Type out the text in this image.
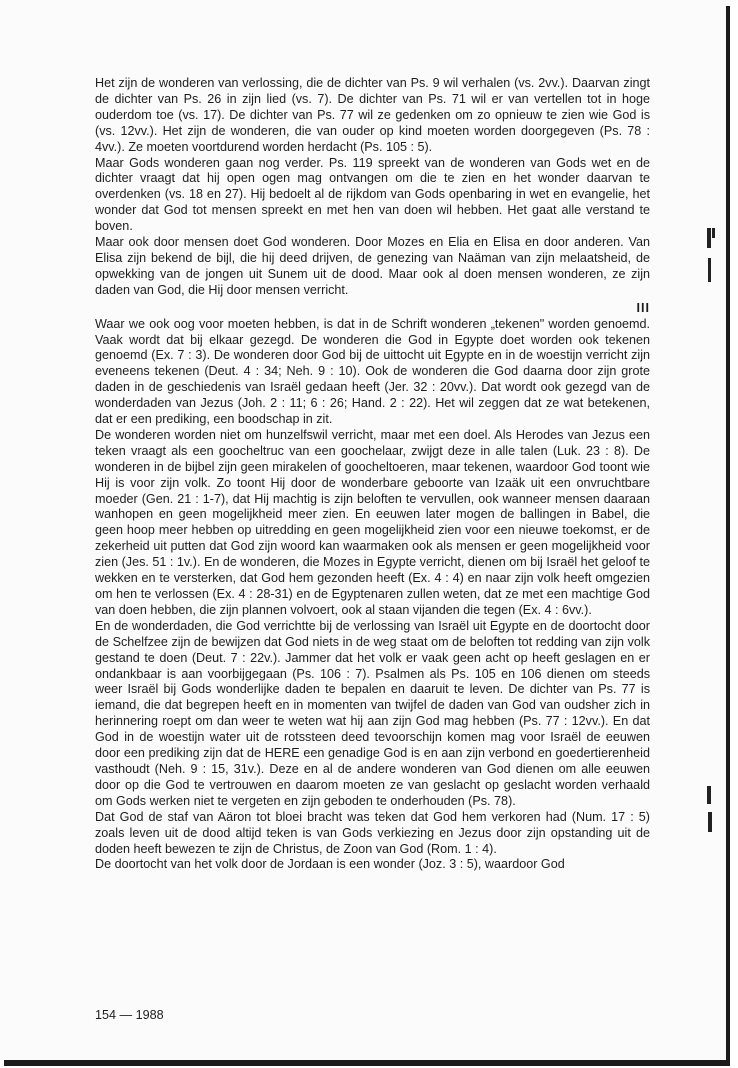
Het zijn de wonderen van verlossing, die de dichter van Ps. 9 wil verhalen (vs. 2vv.). Daarvan zingt de dichter van Ps. 26 in zijn lied (vs. 7). De dichter van Ps. 71 wil er van vertellen tot in hoge ouderdom toe (vs. 17). De dichter van Ps. 77 wil ze gedenken om zo opnieuw te zien wie God is (vs. 12vv.). Het zijn de wonderen, die van ouder op kind moeten worden doorgegeven (Ps. 78 : 4vv.). Ze moeten voortdurend worden herdacht (Ps. 105 : 5).

Maar Gods wonderen gaan nog verder. Ps. 119 spreekt van de wonderen van Gods wet en de dichter vraagt dat hij open ogen mag ontvangen om die te zien en het wonder daarvan te overdenken (vs. 18 en 27). Hij bedoelt al de rijkdom van Gods openbaring in wet en evangelie, het wonder dat God tot mensen spreekt en met hen van doen wil hebben. Het gaat alle verstand te boven.

Maar ook door mensen doet God wonderen. Door Mozes en Elia en Elisa en door anderen. Van Elisa zijn bekend de bijl, die hij deed drijven, de genezing van Naäman van zijn melaatsheid, de opwekking van de jongen uit Sunem uit de dood. Maar ook al doen mensen wonderen, ze zijn daden van God, die Hij door mensen verricht.

III

Waar we ook oog voor moeten hebben, is dat in de Schrift wonderen „tekenen" worden genoemd. Vaak wordt dat bij elkaar gezegd. De wonderen die God in Egypte doet worden ook tekenen genoemd (Ex. 7 : 3). De wonderen door God bij de uittocht uit Egypte en in de woestijn verricht zijn eveneens tekenen (Deut. 4 : 34; Neh. 9 : 10). Ook de wonderen die God daarna door zijn grote daden in de geschiedenis van Israël gedaan heeft (Jer. 32 : 20vv.). Dat wordt ook gezegd van de wonderdaden van Jezus (Joh. 2 : 11; 6 : 26; Hand. 2 : 22). Het wil zeggen dat ze wat betekenen, dat er een prediking, een boodschap in zit.

De wonderen worden niet om hunzelfswil verricht, maar met een doel. Als Herodes van Jezus een teken vraagt als een goocheltruc van een goochelaar, zwijgt deze in alle talen (Luk. 23 : 8). De wonderen in de bijbel zijn geen mirakelen of goocheltoeren, maar tekenen, waardoor God toont wie Hij is voor zijn volk. Zo toont Hij door de wonderbare geboorte van Izaäk uit een onvruchtbare moeder (Gen. 21 : 1-7), dat Hij machtig is zijn beloften te vervullen, ook wanneer mensen daaraan wanhopen en geen mogelijkheid meer zien. En eeuwen later mogen de ballingen in Babel, die geen hoop meer hebben op uitredding en geen mogelijkheid zien voor een nieuwe toekomst, er de zekerheid uit putten dat God zijn woord kan waarmaken ook als mensen er geen mogelijkheid voor zien (Jes. 51 : 1v.). En de wonderen, die Mozes in Egypte verricht, dienen om bij Israël het geloof te wekken en te versterken, dat God hem gezonden heeft (Ex. 4 : 4) en naar zijn volk heeft omgezien om hen te verlossen (Ex. 4 : 28-31) en de Egyptenaren zullen weten, dat ze met een machtige God van doen hebben, die zijn plannen volvoert, ook al staan vijanden die tegen (Ex. 4 : 6vv.).

En de wonderdaden, die God verrichtte bij de verlossing van Israël uit Egypte en de doortocht door de Schelfzee zijn de bewijzen dat God niets in de weg staat om de beloften tot redding van zijn volk gestand te doen (Deut. 7 : 22v.). Jammer dat het volk er vaak geen acht op heeft geslagen en er ondankbaar is aan voorbijgegaan (Ps. 106 : 7). Psalmen als Ps. 105 en 106 dienen om steeds weer Israël bij Gods wonderlijke daden te bepalen en daaruit te leven. De dichter van Ps. 77 is iemand, die dat begrepen heeft en in momenten van twijfel de daden van God van oudsher zich in herinnering roept om dan weer te weten wat hij aan zijn God mag hebben (Ps. 77 : 12vv.). En dat God in de woestijn water uit de rotssteen deed tevoorschijn komen mag voor Israël de eeuwen door een prediking zijn dat de HERE een genadige God is en aan zijn verbond en goedertierenheid vasthoudt (Neh. 9 : 15, 31v.). Deze en al de andere wonderen van God dienen om alle eeuwen door op die God te vertrouwen en daarom moeten ze van geslacht op geslacht worden verhaald om Gods werken niet te vergeten en zijn geboden te onderhouden (Ps. 78).

Dat God de staf van Aäron tot bloei bracht was teken dat God hem verkoren had (Num. 17 : 5) zoals leven uit de dood altijd teken is van Gods verkiezing en Jezus door zijn opstanding uit de doden heeft bewezen te zijn de Christus, de Zoon van God (Rom. 1 : 4).

De doortocht van het volk door de Jordaan is een wonder (Joz. 3 : 5), waardoor God

154 — 1988
